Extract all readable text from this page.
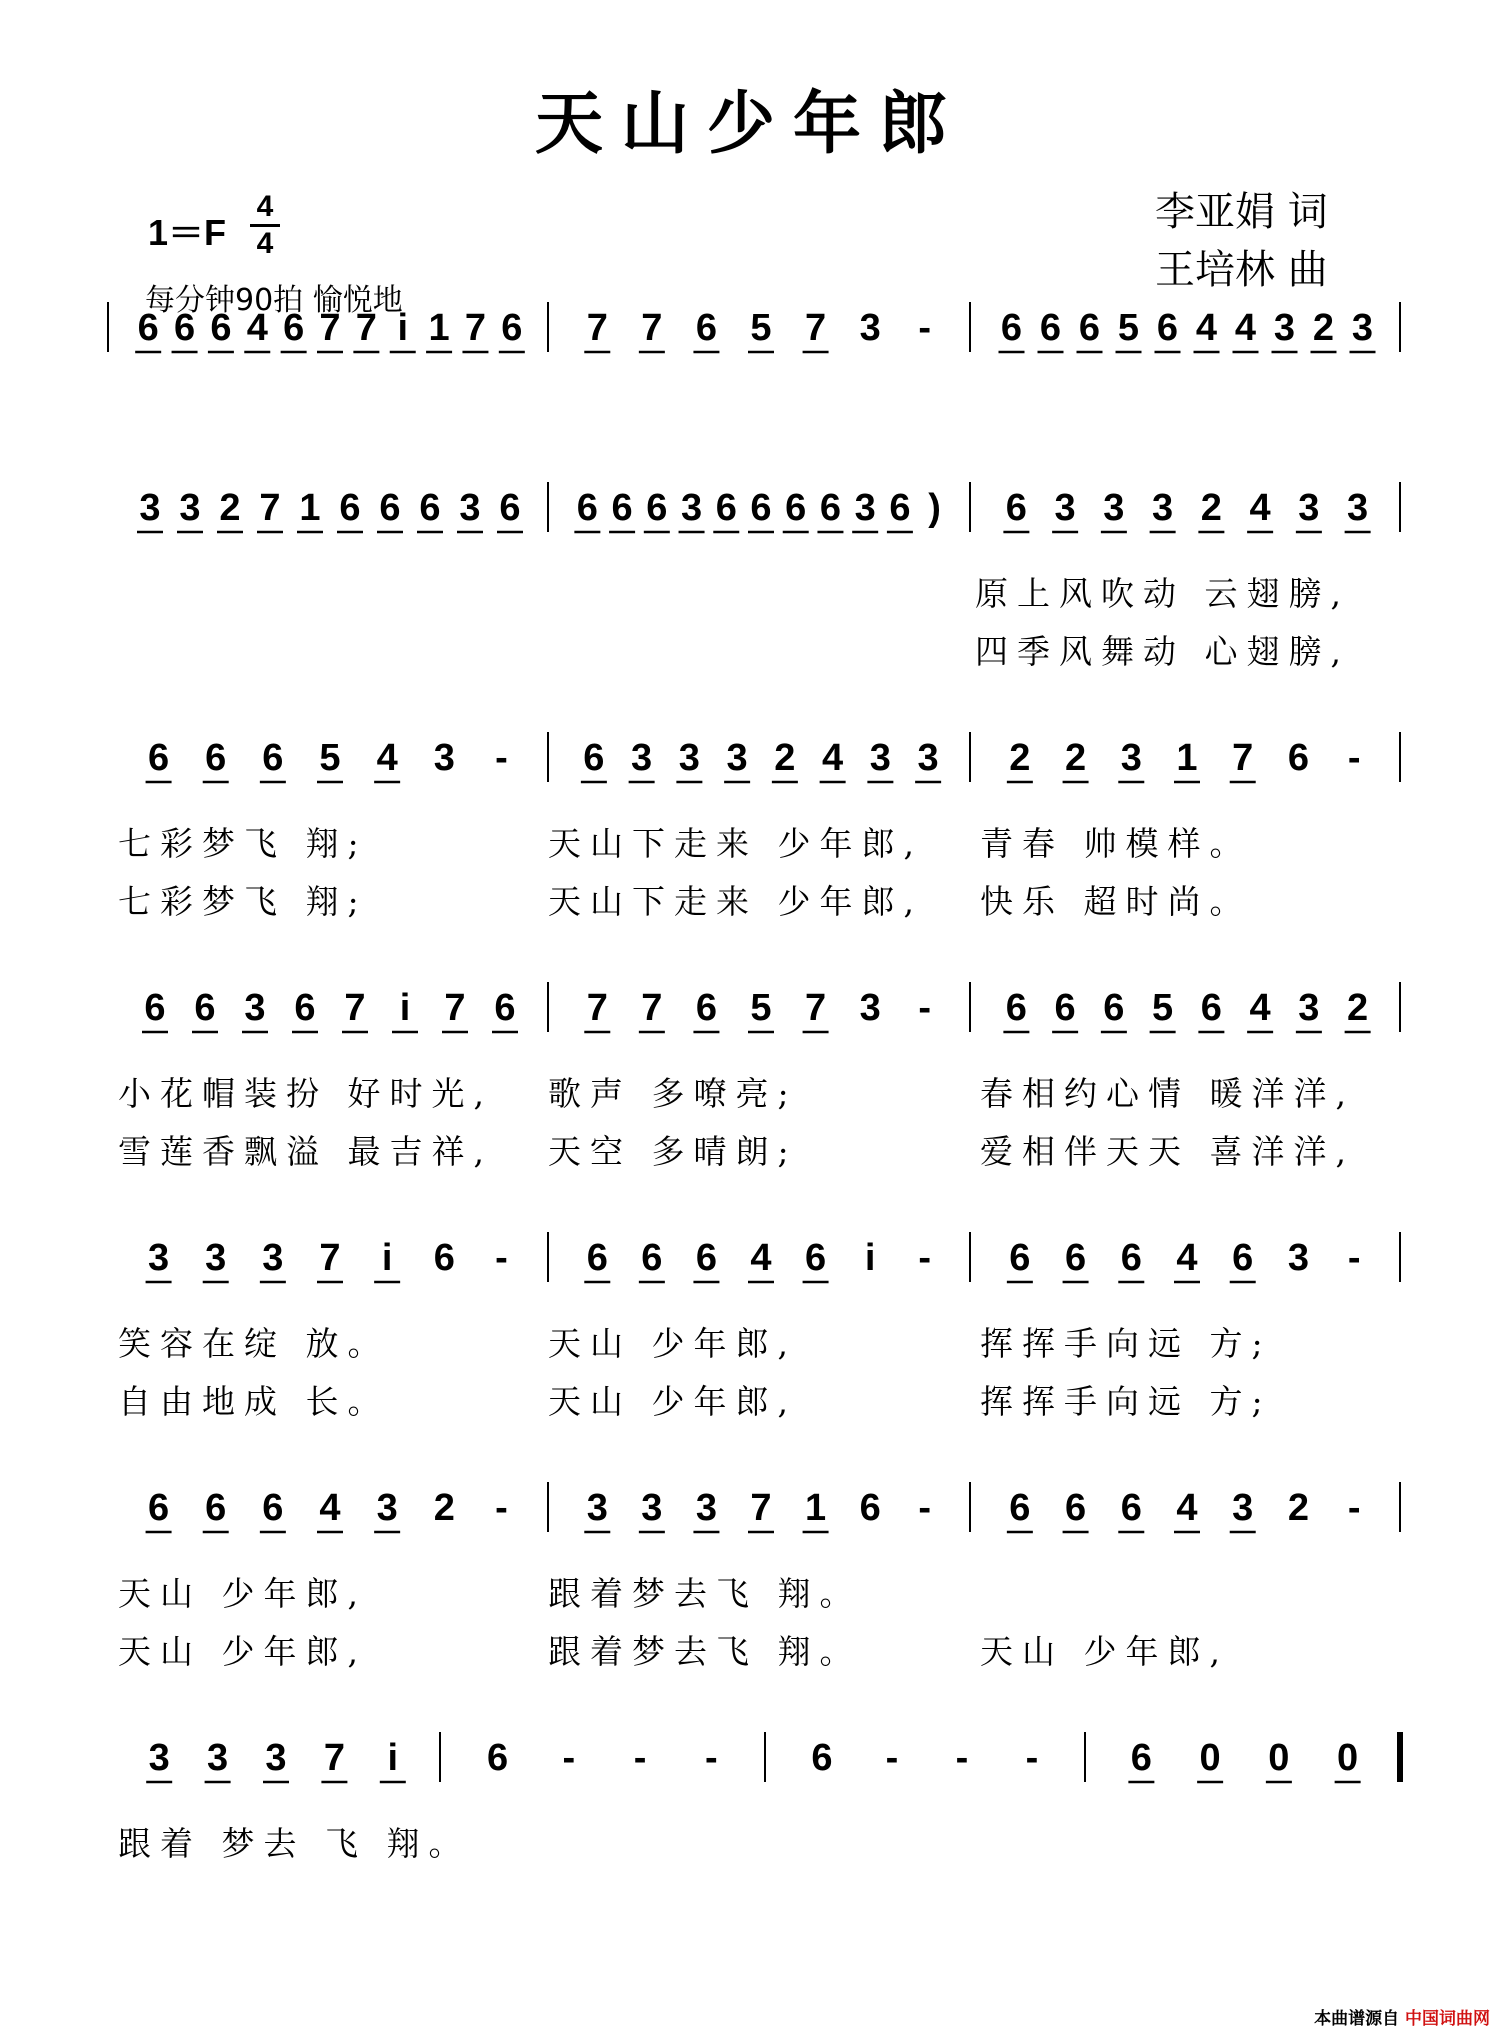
天山少年郎
1＝F
4
4
每分钟90拍 愉悦地
李亚娟 词
王培林 曲
6 6 6 4 6 7 7 i 1 7 6 7 7 6 5 7 3 - 6 6 6 5 6 4 4 3 2 3
3 3 2 7 1 6 6 6 3 6 6 6 6 3 6 6 6 6 3 6 ) 6 3 3 3 2 4 3 3
原上风吹动 云翅膀,
四季风舞动 心翅膀,
6 6 6 5 4 3 - 6 3 3 3 2 4 3 3 2 2 3 1 7 6 -
七彩梦飞 翔;	天山下走来 少年郎, 青春 帅模样。
七彩梦飞 翔;	天山下走来 少年郎, 快乐 超时尚。
6 6 3 6 7 i 7 6 7 7 6 5 7 3 - 6 6 6 5 6 4 3 2
小花帽装扮 好时光, 歌声 多嘹亮;	春相约心情 暖洋洋,
雪莲香飘溢 最吉祥, 天空 多晴朗;	爱相伴天天 喜洋洋,
3 3 3 7 i 6 - 6 6 6 4 6 i - 6 6 6 4 6 3 -
笑容在绽 放。	天山 少年郎,	挥挥手向远 方;
自由地成 长。	天山 少年郎,	挥挥手向远 方;
6 6 6 4 3 2 - 3 3 3 7 1 6 - 6 6 6 4 3 2 -
天山 少年郎,	跟着梦去飞 翔。
天山 少年郎,	跟着梦去飞 翔。	天山 少年郎,
3 3 3 7 i 6 - - - 6 - - - 6 0 0 0
跟着 梦去 飞 翔。
本曲谱源自 中国词曲网
